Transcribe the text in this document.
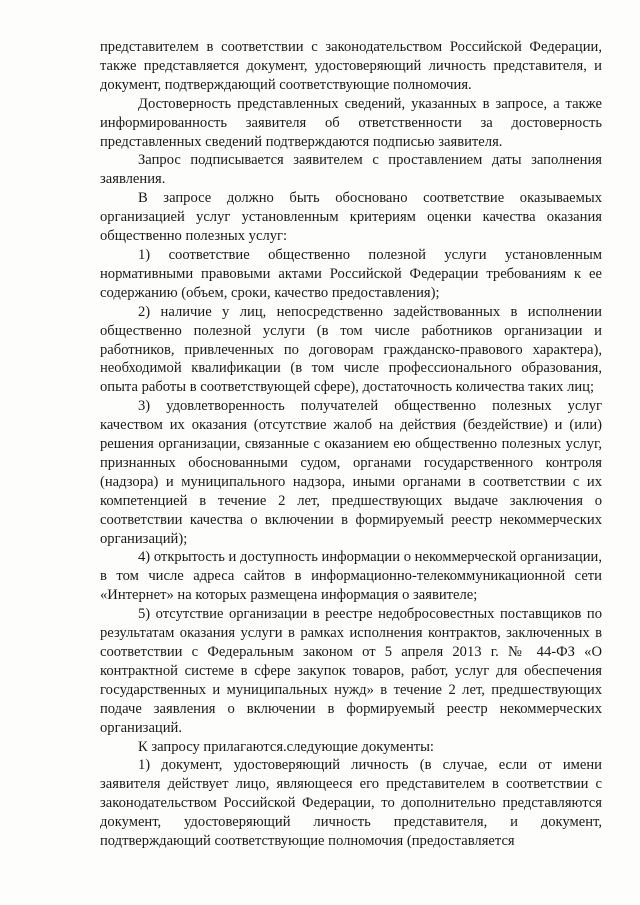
представителем в соответствии с законодательством Российской Федерации, также представляется документ, удостоверяющий личность представителя, и документ, подтверждающий соответствующие полномочия.

Достоверность представленных сведений, указанных в запросе, а также информированность заявителя об ответственности за достоверность представленных сведений подтверждаются подписью заявителя.

Запрос подписывается заявителем с проставлением даты заполнения заявления.

В запросе должно быть обосновано соответствие оказываемых организацией услуг установленным критериям оценки качества оказания общественно полезных услуг:

1) соответствие общественно полезной услуги установленным нормативными правовыми актами Российской Федерации требованиям к ее содержанию (объем, сроки, качество предоставления);

2) наличие у лиц, непосредственно задействованных в исполнении общественно полезной услуги (в том числе работников организации и работников, привлеченных по договорам гражданско-правового характера), необходимой квалификации (в том числе профессионального образования, опыта работы в соответствующей сфере), достаточность количества таких лиц;

3) удовлетворенность получателей общественно полезных услуг качеством их оказания (отсутствие жалоб на действия (бездействие) и (или) решения организации, связанные с оказанием ею общественно полезных услуг, признанных обоснованными судом, органами государственного контроля (надзора) и муниципального надзора, иными органами в соответствии с их компетенцией в течение 2 лет, предшествующих выдаче заключения о соответствии качества о включении в формируемый реестр некоммерческих организаций);

4) открытость и доступность информации о некоммерческой организации, в том числе адреса сайтов в информационно-телекоммуникационной сети «Интернет» на которых размещена информация о заявителе;

5) отсутствие организации в реестре недобросовестных поставщиков по результатам оказания услуги в рамках исполнения контрактов, заключенных в соответствии с Федеральным законом от 5 апреля 2013 г. № 44-ФЗ «О контрактной системе в сфере закупок товаров, работ, услуг для обеспечения государственных и муниципальных нужд» в течение 2 лет, предшествующих подаче заявления о включении в формируемый реестр некоммерческих организаций.

К запросу прилагаются.следующие документы:

1) документ, удостоверяющий личность (в случае, если от имени заявителя действует лицо, являющееся его представителем в соответствии с законодательством Российской Федерации, то дополнительно представляются документ, удостоверяющий личность представителя, и документ, подтверждающий соответствующие полномочия (предоставляется
